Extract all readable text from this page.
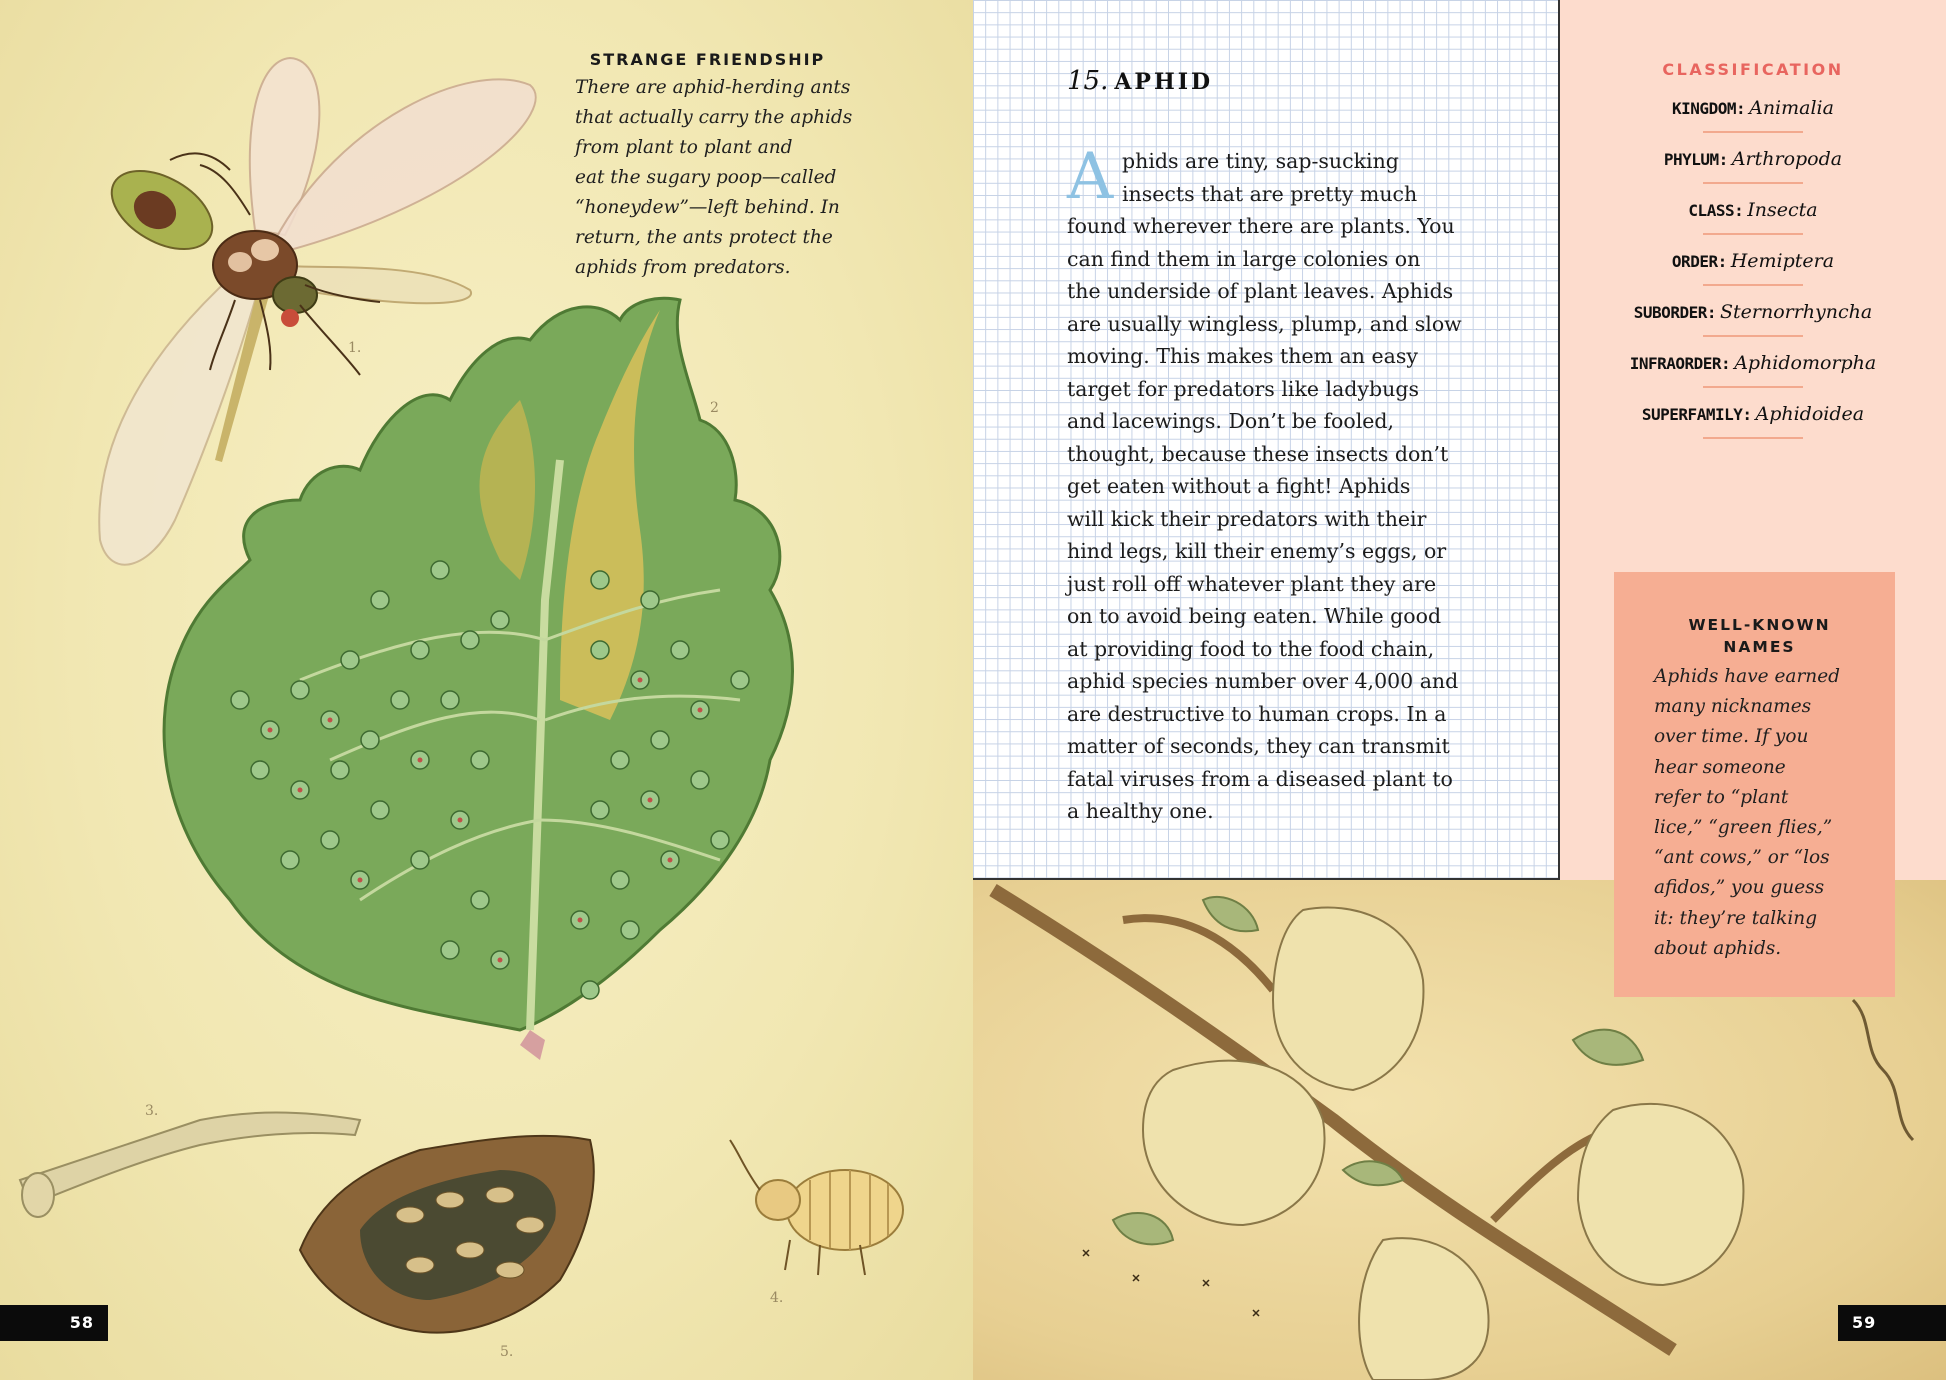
1.
2
3.
5.
4.
STRANGE FRIENDSHIP
There are aphid-herding ants
that actually carry the aphids
from plant to plant and
eat the sugary poop—called
“honeydew”—left behind. In
return, the ants protect the
aphids from predators.
58
15. APHID
A phids are tiny, sap-sucking
insects that are pretty much
found wherever there are plants. You
can find them in large colonies on
the underside of plant leaves. Aphids
are usually wingless, plump, and slow
moving. This makes them an easy
target for predators like ladybugs
and lacewings. Don’t be fooled,
thought, because these insects don’t
get eaten without a fight! Aphids
will kick their predators with their
hind legs, kill their enemy’s eggs, or
just roll off whatever plant they are
on to avoid being eaten. While good
at providing food to the food chain,
aphid species number over 4,000 and
are destructive to human crops. In a
matter of seconds, they can transmit
fatal viruses from a diseased plant to
a healthy one.
CLASSIFICATION
KINGDOM: Animalia
PHYLUM: Arthropoda
CLASS: Insecta
ORDER: Hemiptera
SUBORDER: Sternorrhyncha
INFRAORDER: Aphidomorpha
SUPERFAMILY: Aphidoidea
WELL-KNOWN
NAMES
Aphids have earned
many nicknames
over time. If you
hear someone
refer to “plant
lice,” “green flies,”
“ant cows,” or “los
afidos,” you guess
it: they’re talking
about aphids.
59
